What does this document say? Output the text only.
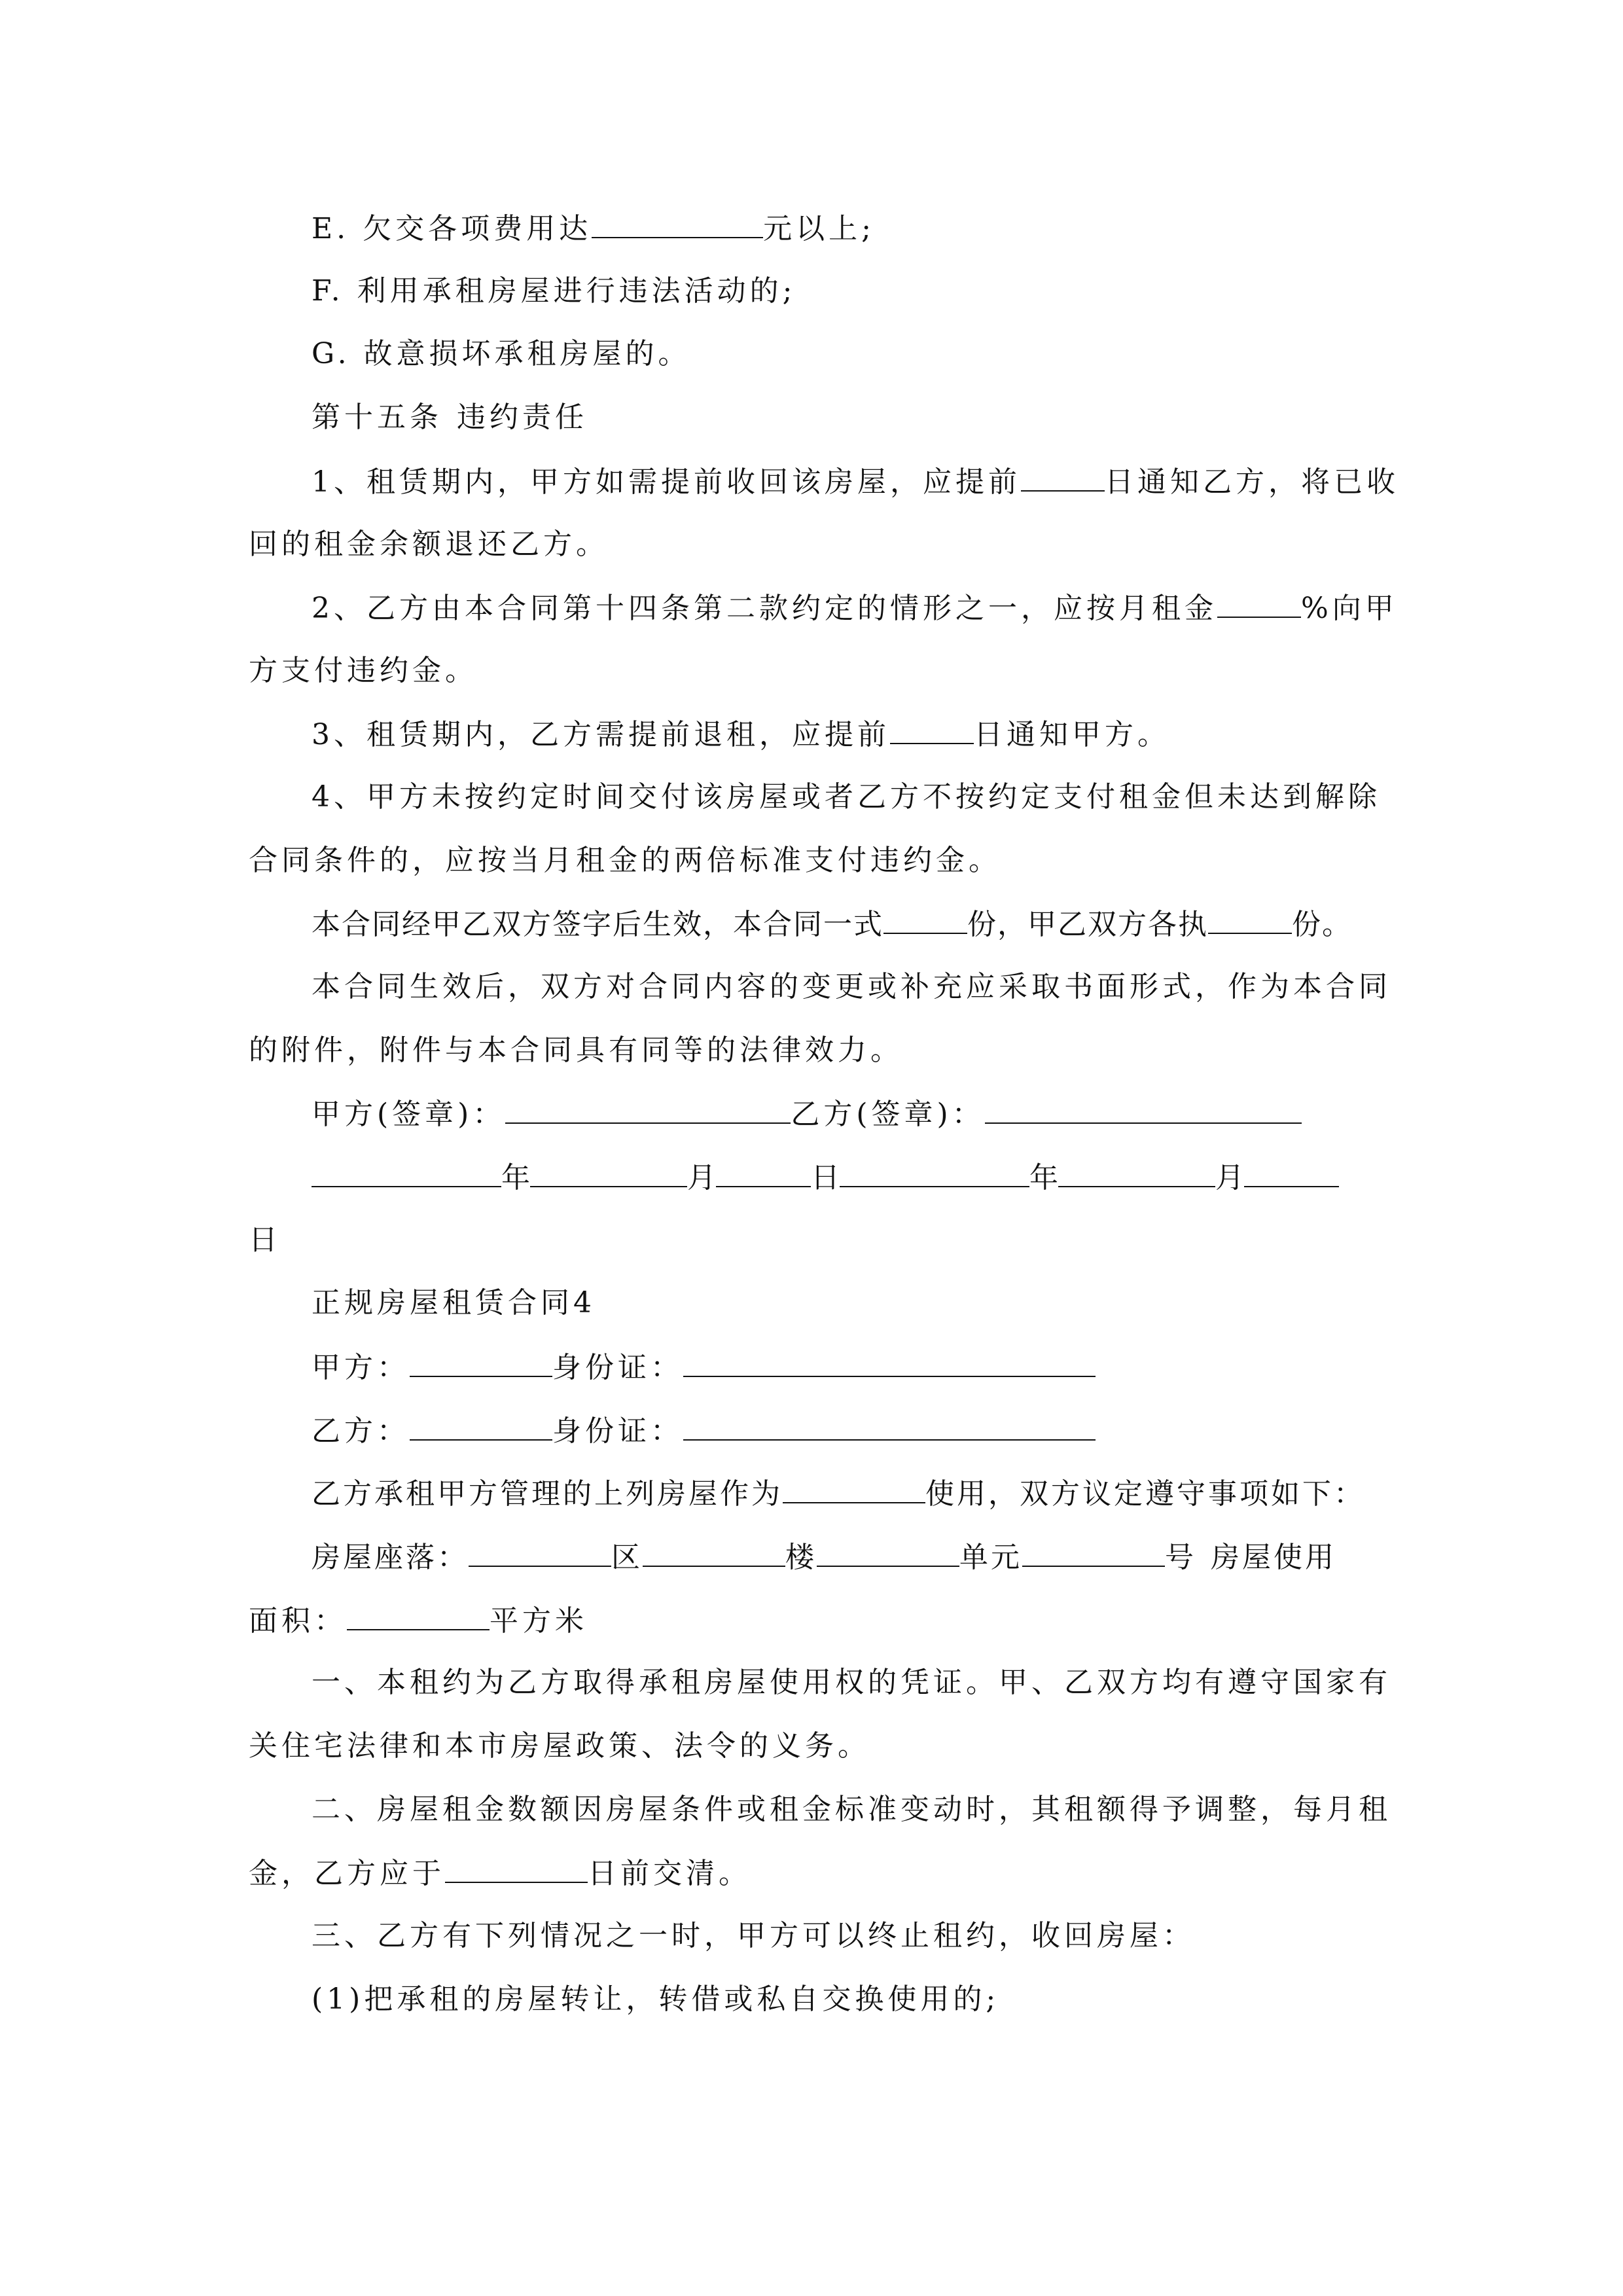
E. 欠交各项费用达	元以上;
F. 利用承租房屋进行违法活动的;
G. 故意损坏承租房屋的。
第十五条 违约责任
1、租赁期内，甲方如需提前收回该房屋，应提前	日通知乙方，将已收
回的租金余额退还乙方。
2、乙方由本合同第十四条第二款约定的情形之一，应按月租金	%向甲
方支付违约金。
3、租赁期内，乙方需提前退租，应提前	日通知甲方。
4、甲方未按约定时间交付该房屋或者乙方不按约定支付租金但未达到解除
合同条件的，应按当月租金的两倍标准支付违约金。
本合同经甲乙双方签字后生效，本合同一式	份，甲乙双方各执	份。
本合同生效后，双方对合同内容的变更或补充应采取书面形式，作为本合同
的附件，附件与本合同具有同等的法律效力。
甲方(签章)：	乙方(签章)：
年	月	日	年	月
日
正规房屋租赁合同4
甲方：	身份证：
乙方：	身份证：
乙方承租甲方管理的上列房屋作为	使用，双方议定遵守事项如下：
房屋座落：	区	楼	单元	号 房屋使用
面积：	平方米
一、本租约为乙方取得承租房屋使用权的凭证。甲、乙双方均有遵守国家有
关住宅法律和本市房屋政策、法令的义务。
二、房屋租金数额因房屋条件或租金标准变动时，其租额得予调整，每月租
金，乙方应于	日前交清。
三、乙方有下列情况之一时，甲方可以终止租约，收回房屋：
(1)把承租的房屋转让，转借或私自交换使用的;
